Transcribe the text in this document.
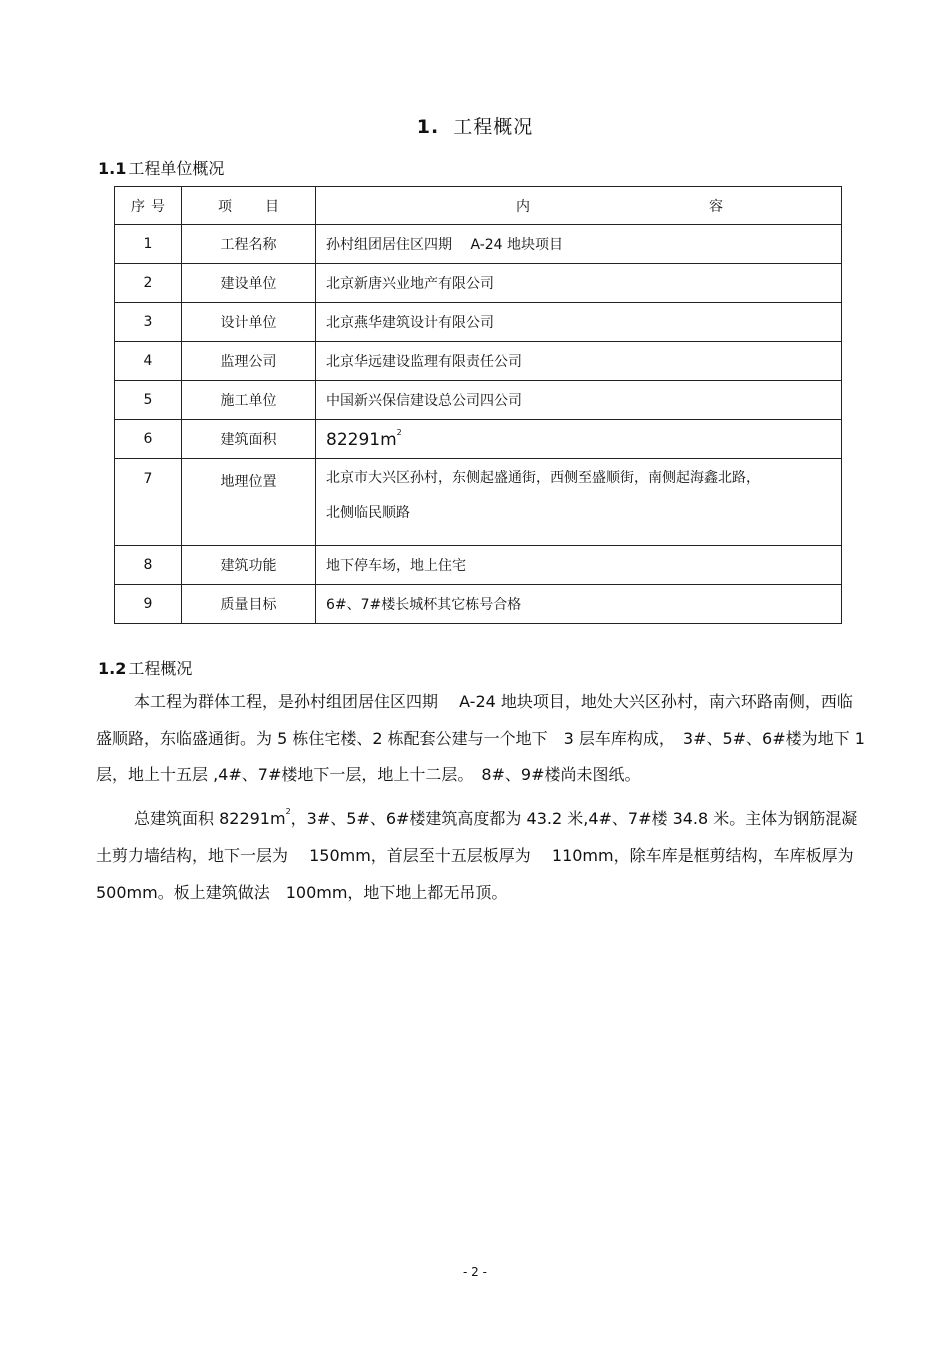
1. 工程概况
1.1 工程单位概况
序 号	项 目	内 容

1	工程名称	孙村组团居住区四期　 A-24 地块项目
2	建设单位	北京新唐兴业地产有限公司
3	设计单位	北京燕华建筑设计有限公司
4	监理公司	北京华远建设监理有限责任公司
5	施工单位	中国新兴保信建设总公司四公司
6	建筑面积	$82291m^2$
7	地理位置	北京市大兴区孙村，东侧起盛通街，西侧至盛顺街，南侧起海鑫北路，
北侧临民顺路

8	建筑功能	地下停车场，地上住宅
9	质量目标	6#、7#楼长城杯其它栋号合格
1.2 工程概况

本工程为群体工程，是孙村组团居住区四期　 A-24 地块项目，地处大兴区孙村，南六环路南侧，西临盛顺路，东临盛通街。为 5 栋住宅楼、2 栋配套公建与一个地下　3 层车库构成，　3#、5#、6#楼为地下 1 层，地上十五层 ,4#、7#楼地下一层，地上十二层。　8#、9#楼尚未图纸。

总建筑面积 $82291m^2$，3#、5#、6#楼建筑高度都为 43.2 米,4#、7#楼 34.8 米。主体为钢筋混凝土剪力墙结构，地下一层为　 150mm，首层至十五层板厚为　 110mm，除车库是框剪结构，车库板厚为 500mm。板上建筑做法　100mm，地下地上都无吊顶。

- 2 -
